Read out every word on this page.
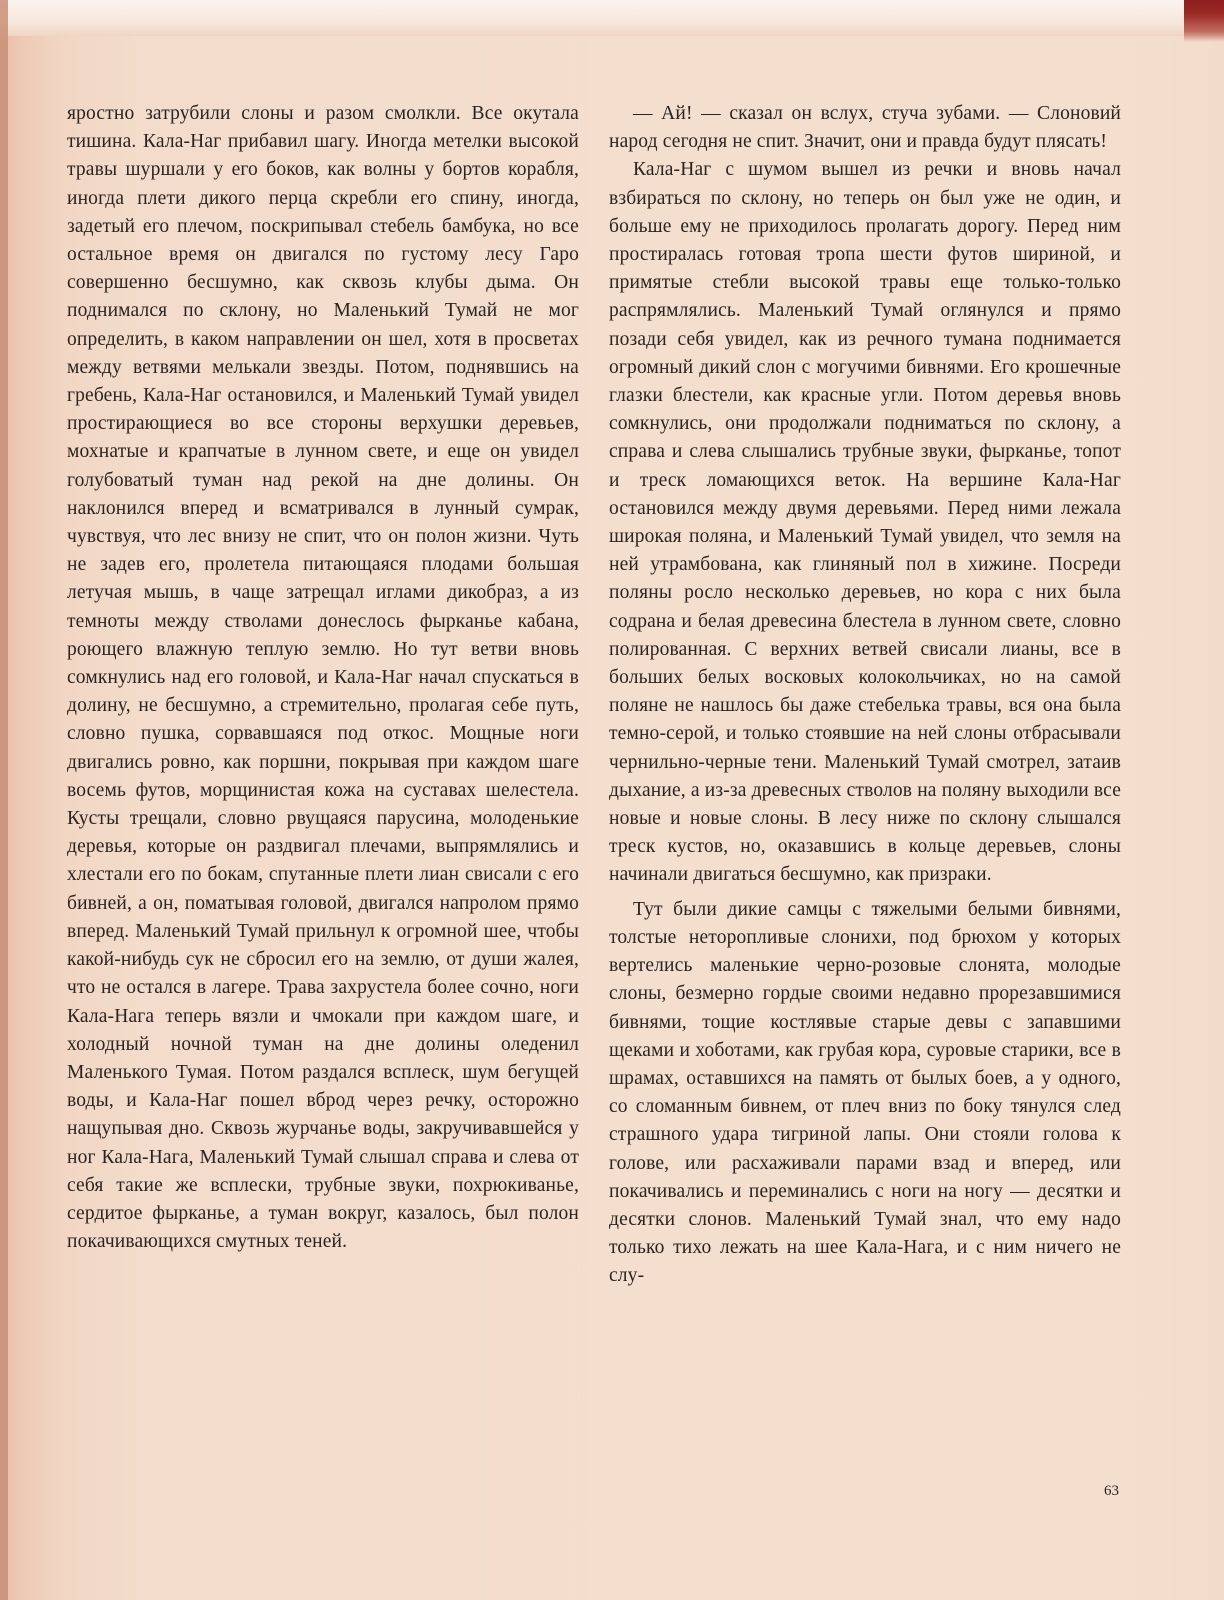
яростно затрубили слоны и разом смолкли. Все окутала тишина. Кала-Наг прибавил шагу. Иногда метелки высокой травы шуршали у его боков, как волны у бортов корабля, иногда плети дикого перца скребли его спину, иногда, задетый его плечом, поскрипывал стебель бамбука, но все остальное время он двигался по густому лесу Гаро совершенно бесшумно, как сквозь клубы дыма. Он поднимался по склону, но Маленький Тумай не мог определить, в каком направлении он шел, хотя в просветах между ветвями мелькали звезды. Потом, поднявшись на гребень, Кала-Наг остановился, и Маленький Тумай увидел простирающиеся во все стороны верхушки деревьев, мохнатые и крапчатые в лунном свете, и еще он увидел голубоватый туман над рекой на дне долины. Он наклонился вперед и всматривался в лунный сумрак, чувствуя, что лес внизу не спит, что он полон жизни. Чуть не задев его, пролетела питающаяся плодами большая летучая мышь, в чаще затрещал иглами дикобраз, а из темноты между стволами донеслось фырканье кабана, роющего влажную теплую землю. Но тут ветви вновь сомкнулись над его головой, и Кала-Наг начал спускаться в долину, не бесшумно, а стремительно, пролагая себе путь, словно пушка, сорвавшаяся под откос. Мощные ноги двигались ровно, как поршни, покрывая при каждом шаге восемь футов, морщинистая кожа на суставах шелестела. Кусты трещали, словно рвущаяся парусина, молоденькие деревья, которые он раздвигал плечами, выпрямлялись и хлестали его по бокам, спутанные плети лиан свисали с его бивней, а он, поматывая головой, двигался напролом прямо вперед. Маленький Тумай прильнул к огромной шее, чтобы какой-нибудь сук не сбросил его на землю, от души жалея, что не остался в лагере. Трава захрустела более сочно, ноги Кала-Нага теперь вязли и чмокали при каждом шаге, и холодный ночной туман на дне долины оледенил Маленького Тумая. Потом раздался всплеск, шум бегущей воды, и Кала-Наг пошел вброд через речку, осторожно нащупывая дно. Сквозь журчанье воды, закручивавшейся у ног Кала-Нага, Маленький Тумай слышал справа и слева от себя такие же всплески, трубные звуки, похрюкиванье, сердитое фырканье, а туман вокруг, казалось, был полон покачивающихся смутных теней.

— Ай! — сказал он вслух, стуча зубами. — Слоновий народ сегодня не спит. Значит, они и правда будут плясать!

Кала-Наг с шумом вышел из речки и вновь начал взбираться по склону, но теперь он был уже не один, и больше ему не приходилось пролагать дорогу. Перед ним простиралась готовая тропа шести футов шириной, и примятые стебли высокой травы еще только-только распрямлялись. Маленький Тумай оглянулся и прямо позади себя увидел, как из речного тумана поднимается огромный дикий слон с могучими бивнями. Его крошечные глазки блестели, как красные угли. Потом деревья вновь сомкнулись, они продолжали подниматься по склону, а справа и слева слышались трубные звуки, фырканье, топот и треск ломающихся веток. На вершине Кала-Наг остановился между двумя деревьями. Перед ними лежала широкая поляна, и Маленький Тумай увидел, что земля на ней утрамбована, как глиняный пол в хижине. Посреди поляны росло несколько деревьев, но кора с них была содрана и белая древесина блестела в лунном свете, словно полированная. С верхних ветвей свисали лианы, все в больших белых восковых колокольчиках, но на самой поляне не нашлось бы даже стебелька травы, вся она была темно-серой, и только стоявшие на ней слоны отбрасывали чернильно-черные тени. Маленький Тумай смотрел, затаив дыхание, а из-за древесных стволов на поляну выходили все новые и новые слоны. В лесу ниже по склону слышался треск кустов, но, оказавшись в кольце деревьев, слоны начинали двигаться бесшумно, как призраки.

Тут были дикие самцы с тяжелыми белыми бивнями, толстые неторопливые слонихи, под брюхом у которых вертелись маленькие черно-розовые слонята, молодые слоны, безмерно гордые своими недавно прорезавшимися бивнями, тощие костлявые старые девы с запавшими щеками и хоботами, как грубая кора, суровые старики, все в шрамах, оставшихся на память от былых боев, а у одного, со сломанным бивнем, от плеч вниз по боку тянулся след страшного удара тигриной лапы. Они стояли голова к голове, или расхаживали парами взад и вперед, или покачивались и переминались с ноги на ногу — десятки и десятки слонов. Маленький Тумай знал, что ему надо только тихо лежать на шее Кала-Нага, и с ним ничего не слу-

63
